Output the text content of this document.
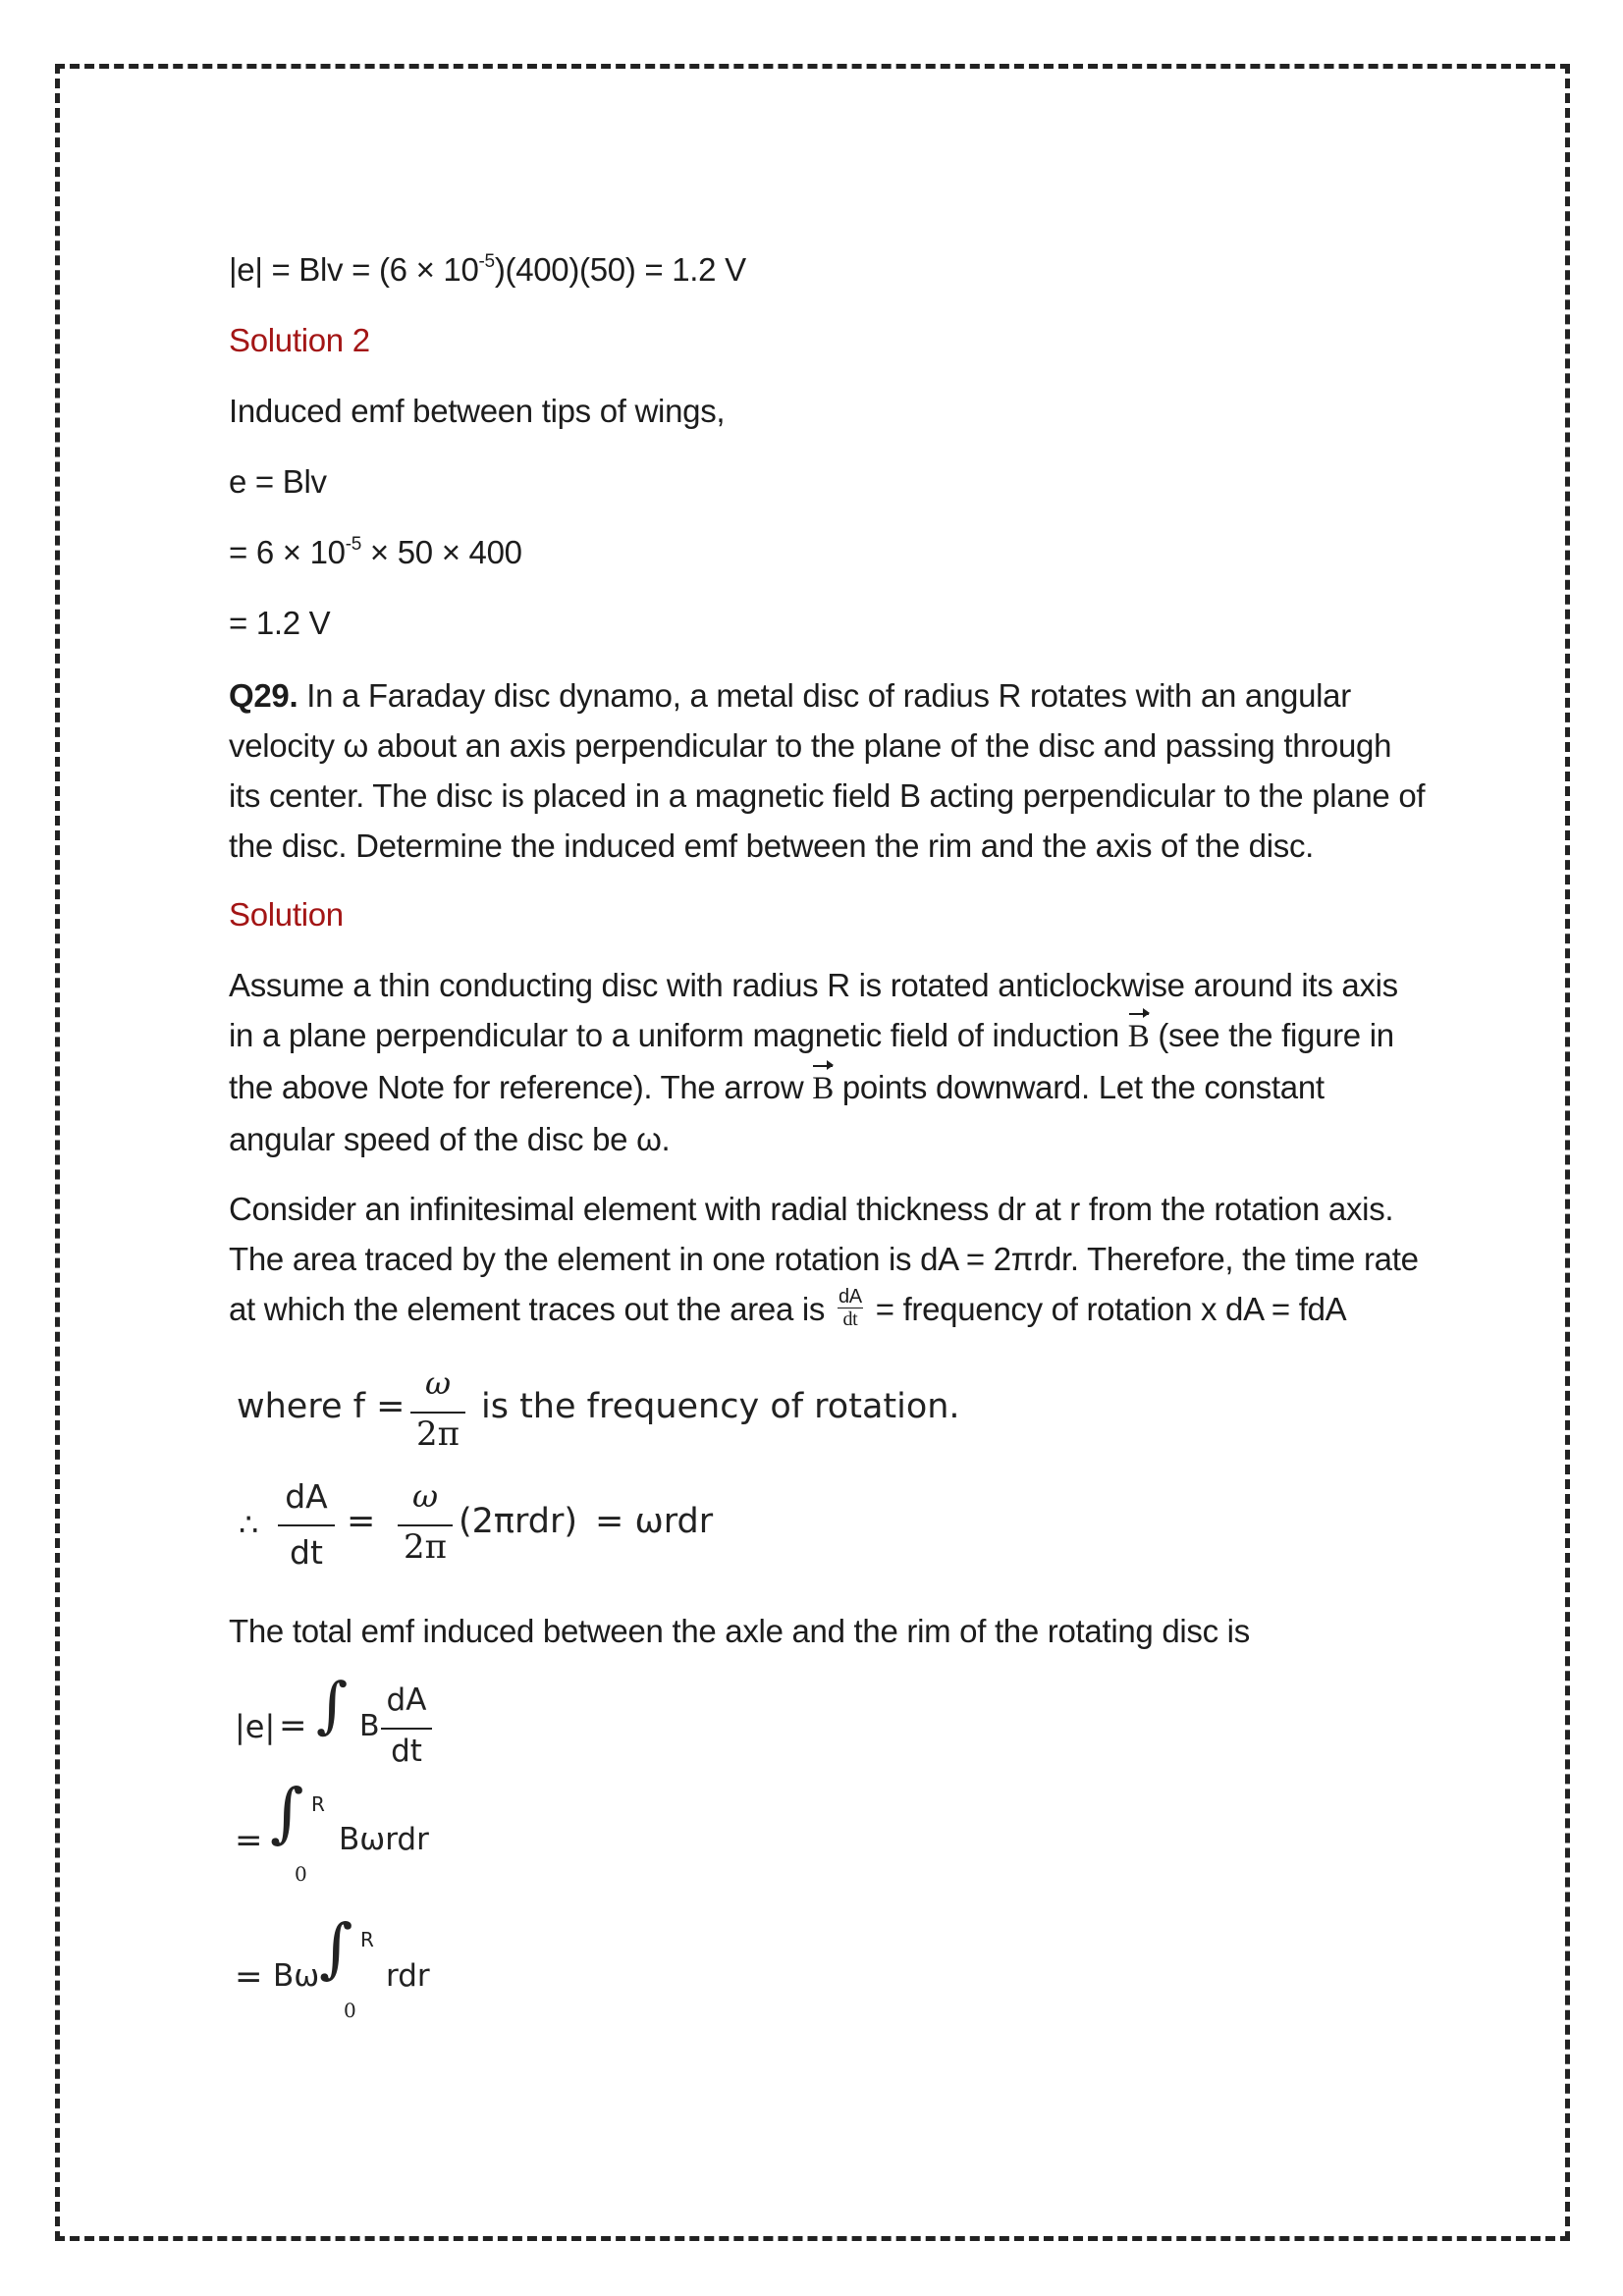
|e| = Blv = $(6 \times 10^{-5})(400)(50) = 1.2$ V
Solution 2
Induced emf between tips of wings,
e = Blv
= $6 \times 10^{-5} \times 50 \times 400$
= 1.2 V
Q29. In a Faraday disc dynamo, a metal disc of radius R rotates with an angular velocity ω about an axis perpendicular to the plane of the disc and passing through its center. The disc is placed in a magnetic field B acting perpendicular to the plane of the disc. Determine the induced emf between the rim and the axis of the disc.
Solution
Assume a thin conducting disc with radius R is rotated anticlockwise around its axis in a plane perpendicular to a uniform magnetic field of induction B (see the figure in the above Note for reference). The arrow B points downward. Let the constant angular speed of the disc be ω.
Consider an infinitesimal element with radial thickness dr at r from the rotation axis. The area traced by the element in one rotation is dA = 2πrdr. Therefore, the time rate at which the element traces out the area is $\frac{dA}{dt}$ = frequency of rotation x dA = fdA
where f =
ω
2π
is the frequency of rotation.
∴
dA
dt
=
ω
2π
(2πrdr) = ωrdr
The total emf induced between the axle and the rim of the rotating disc is
|e| = ∫ B
dA
dt
= ∫ R
0
Bωrdr
= Bω ∫ R
0
rdr
